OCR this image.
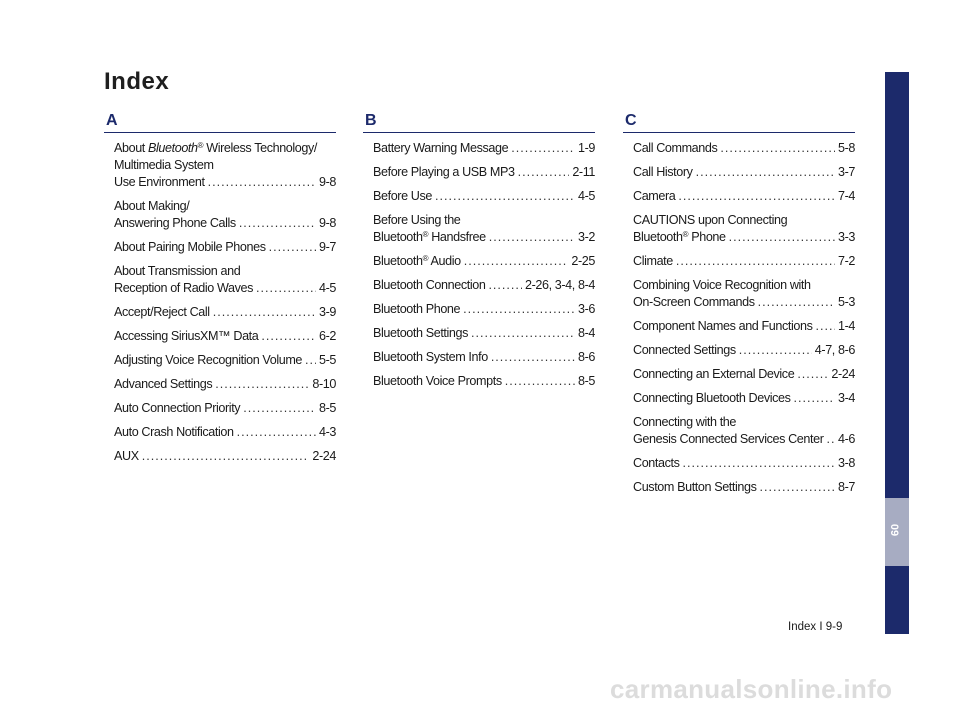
Index
A
About Bluetooth® Wireless Technology/
Multimedia System
Use Environment .....	9-8
About Making/
Answering Phone Calls .....	9-8
About Pairing Mobile Phones .....	9-7
About Transmission and
Reception of Radio Waves .....	4-5
Accept/Reject Call .....	3-9
Accessing SiriusXM™ Data .....	6-2
Adjusting Voice Recognition Volume ..... 5-5
Advanced Settings .....	8-10
Auto Connection Priority .....	8-5
Auto Crash Notification .....	4-3
AUX .....	2-24
B
Battery Warning Message .....	1-9
Before Playing a USB MP3 .....	2-11
Before Use .....	4-5
Before Using the
Bluetooth® Handsfree .....	3-2
Bluetooth® Audio .....	2-25
Bluetooth Connection .....	2-26, 3-4, 8-4
Bluetooth Phone .....	3-6
Bluetooth Settings .....	8-4
Bluetooth System Info .....	8-6
Bluetooth Voice Prompts .....	8-5
C
Call Commands .....	5-8
Call History .....	3-7
Camera .....	7-4
CAUTIONS upon Connecting
Bluetooth® Phone .....	3-3
Climate .....	7-2
Combining Voice Recognition with
On-Screen Commands .....	5-3
Component Names and Functions ..... 1-4
Connected Settings .....	4-7, 8-6
Connecting an External Device .....	2-24
Connecting Bluetooth Devices .....	3-4
Connecting with the
Genesis Connected Services Center ..... 4-6
Contacts .....	3-8
Custom Button Settings .....	8-7
09
Index I 9-9
carmanualsonline.info
